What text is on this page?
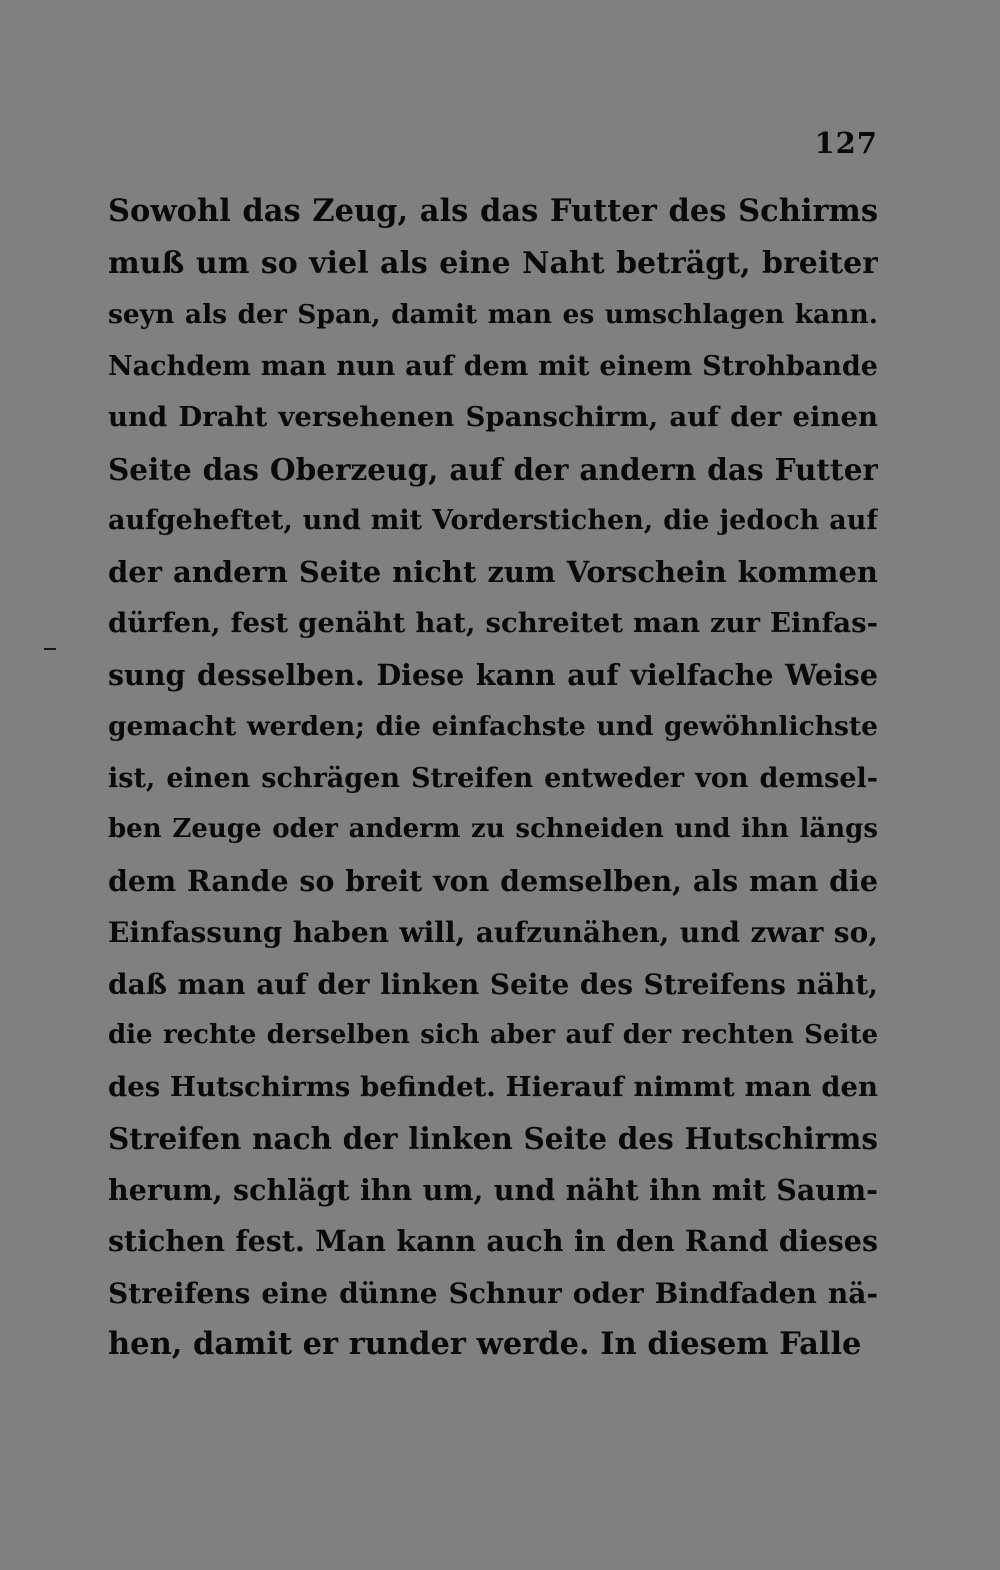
127
Sowohl das Zeug, als das Futter des Schirms
muß um so viel als eine Naht beträgt, breiter
seyn als der Span, damit man es umschlagen kann.
Nachdem man nun auf dem mit einem Strohbande
und Draht versehenen Spanschirm, auf der einen
Seite das Oberzeug, auf der andern das Futter
aufgeheftet, und mit Vorderstichen, die jedoch auf
der andern Seite nicht zum Vorschein kommen
dürfen, fest genäht hat, schreitet man zur Einfas-
sung desselben. Diese kann auf vielfache Weise
gemacht werden; die einfachste und gewöhnlichste
ist, einen schrägen Streifen entweder von demsel-
ben Zeuge oder anderm zu schneiden und ihn längs
dem Rande so breit von demselben, als man die
Einfassung haben will, aufzunähen, und zwar so,
daß man auf der linken Seite des Streifens näht,
die rechte derselben sich aber auf der rechten Seite
des Hutschirms befindet. Hierauf nimmt man den
Streifen nach der linken Seite des Hutschirms
herum, schlägt ihn um, und näht ihn mit Saum-
stichen fest. Man kann auch in den Rand dieses
Streifens eine dünne Schnur oder Bindfaden nä-
hen, damit er runder werde. In diesem Falle
